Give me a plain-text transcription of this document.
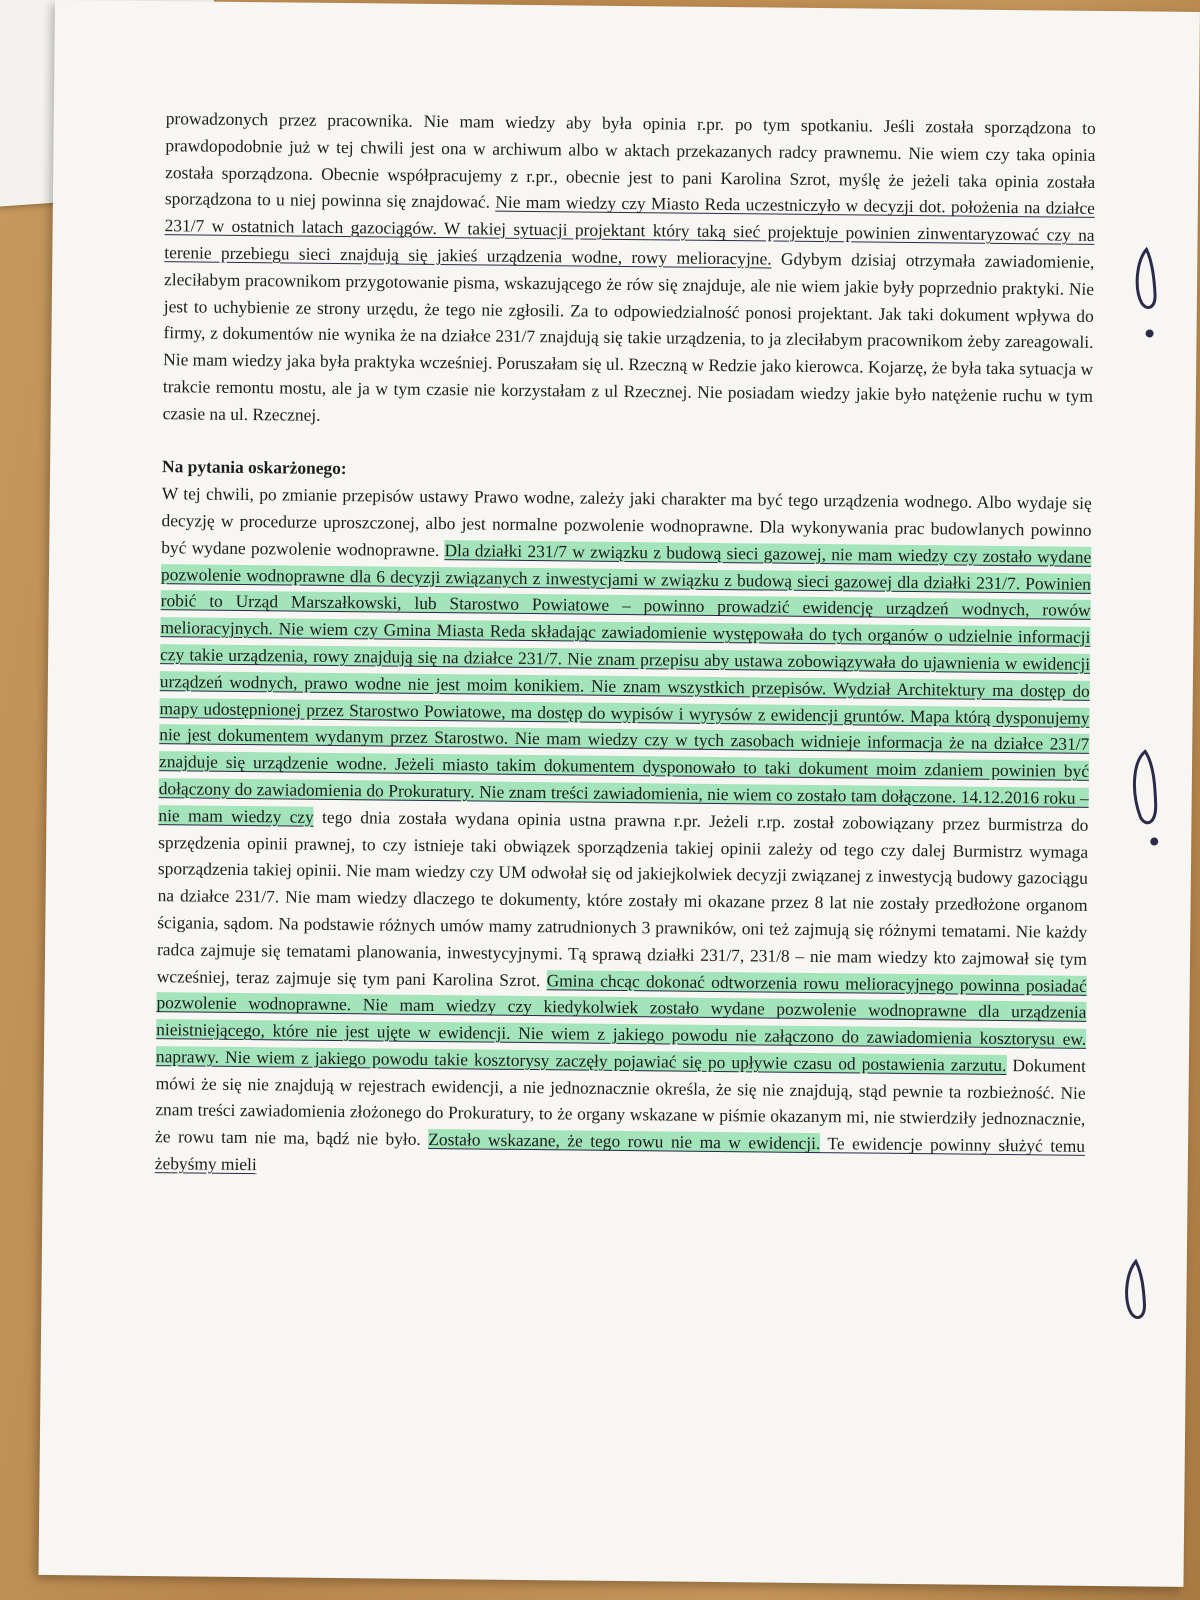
prowadzonych przez pracownika. Nie mam wiedzy aby była opinia r.pr. po tym spotkaniu. Jeśli została sporządzona to prawdopodobnie już w tej chwili jest ona w archiwum albo w aktach przekazanych radcy prawnemu. Nie wiem czy taka opinia została sporządzona. Obecnie współpracujemy z r.pr., obecnie jest to pani Karolina Szrot, myślę że jeżeli taka opinia została sporządzona to u niej powinna się znajdować. Nie mam wiedzy czy Miasto Reda uczestniczyło w decyzji dot. położenia na działce 231/7 w ostatnich latach gazociągów. W takiej sytuacji projektant który taką sieć projektuje powinien zinwentaryzować czy na terenie przebiegu sieci znajdują się jakieś urządzenia wodne, rowy melioracyjne. Gdybym dzisiaj otrzymała zawiadomienie, zleciłabym pracownikom przygotowanie pisma, wskazującego że rów się znajduje, ale nie wiem jakie były poprzednio praktyki. Nie jest to uchybienie ze strony urzędu, że tego nie zgłosili. Za to odpowiedzialność ponosi projektant. Jak taki dokument wpływa do firmy, z dokumentów nie wynika że na działce 231/7 znajdują się takie urządzenia, to ja zleciłabym pracownikom żeby zareagowali. Nie mam wiedzy jaka była praktyka wcześniej. Poruszałam się ul. Rzeczną w Redzie jako kierowca. Kojarzę, że była taka sytuacja w trakcie remontu mostu, ale ja w tym czasie nie korzystałam z ul Rzecznej. Nie posiadam wiedzy jakie było natężenie ruchu w tym czasie na ul. Rzecznej.

Na pytania oskarżonego:

W tej chwili, po zmianie przepisów ustawy Prawo wodne, zależy jaki charakter ma być tego urządzenia wodnego. Albo wydaje się decyzję w procedurze uproszczonej, albo jest normalne pozwolenie wodnoprawne. Dla wykonywania prac budowlanych powinno być wydane pozwolenie wodnoprawne. Dla działki 231/7 w związku z budową sieci gazowej, nie mam wiedzy czy zostało wydane pozwolenie wodnoprawne dla 6 decyzji związanych z inwestycjami w związku z budową sieci gazowej dla działki 231/7. Powinien robić to Urząd Marszałkowski, lub Starostwo Powiatowe – powinno prowadzić ewidencję urządzeń wodnych, rowów melioracyjnych. Nie wiem czy Gmina Miasta Reda składając zawiadomienie występowała do tych organów o udzielnie informacji czy takie urządzenia, rowy znajdują się na działce 231/7. Nie znam przepisu aby ustawa zobowiązywała do ujawnienia w ewidencji urządzeń wodnych, prawo wodne nie jest moim konikiem. Nie znam wszystkich przepisów. Wydział Architektury ma dostęp do mapy udostępnionej przez Starostwo Powiatowe, ma dostęp do wypisów i wyrysów z ewidencji gruntów. Mapa którą dysponujemy nie jest dokumentem wydanym przez Starostwo. Nie mam wiedzy czy w tych zasobach widnieje informacja że na działce 231/7 znajduje się urządzenie wodne. Jeżeli miasto takim dokumentem dysponowało to taki dokument moim zdaniem powinien być dołączony do zawiadomienia do Prokuratury. Nie znam treści zawiadomienia, nie wiem co zostało tam dołączone. 14.12.2016 roku – nie mam wiedzy czy tego dnia została wydana opinia ustna prawna r.pr. Jeżeli r.rp. został zobowiązany przez burmistrza do sprzędzenia opinii prawnej, to czy istnieje taki obwiązek sporządzenia takiej opinii zależy od tego czy dalej Burmistrz wymaga sporządzenia takiej opinii. Nie mam wiedzy czy UM odwołał się od jakiejkolwiek decyzji związanej z inwestycją budowy gazociągu na działce 231/7. Nie mam wiedzy dlaczego te dokumenty, które zostały mi okazane przez 8 lat nie zostały przedłożone organom ścigania, sądom. Na podstawie różnych umów mamy zatrudnionych 3 prawników, oni też zajmują się różnymi tematami. Nie każdy radca zajmuje się tematami planowania, inwestycyjnymi. Tą sprawą działki 231/7, 231/8 – nie mam wiedzy kto zajmował się tym wcześniej, teraz zajmuje się tym pani Karolina Szrot. Gmina chcąc dokonać odtworzenia rowu melioracyjnego powinna posiadać pozwolenie wodnoprawne. Nie mam wiedzy czy kiedykolwiek zostało wydane pozwolenie wodnoprawne dla urządzenia nieistniejącego, które nie jest ujęte w ewidencji. Nie wiem z jakiego powodu nie załączono do zawiadomienia kosztorysu ew. naprawy. Nie wiem z jakiego powodu takie kosztorysy zaczęły pojawiać się po upływie czasu od postawienia zarzutu. Dokument mówi że się nie znajdują w rejestrach ewidencji, a nie jednoznacznie określa, że się nie znajdują, stąd pewnie ta rozbieżność. Nie znam treści zawiadomienia złożonego do Prokuratury, to że organy wskazane w piśmie okazanym mi, nie stwierdziły jednoznacznie, że rowu tam nie ma, bądź nie było. Zostało wskazane, że tego rowu nie ma w ewidencji. Te ewidencje powinny służyć temu żebyśmy mieli
